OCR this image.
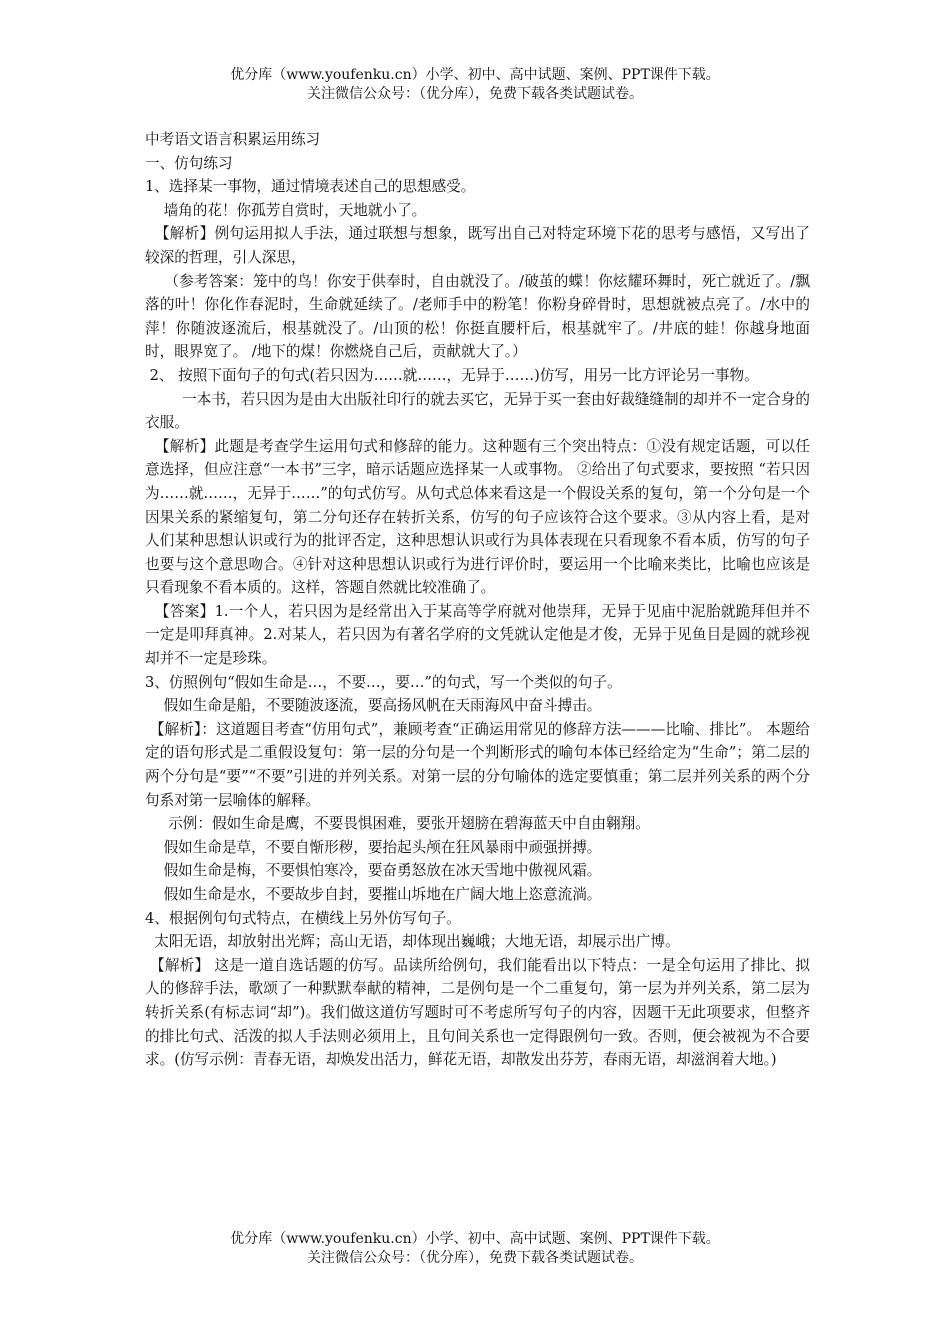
优分库（www.youfenku.cn）小学、初中、高中试题、案例、PPT课件下载。
关注微信公众号：（优分库），免费下载各类试题试卷。

中考语文语言积累运用练习

一、仿句练习

1、选择某一事物，通过情境表述自己的思想感受。

墙角的花！你孤芳自赏时，天地就小了。

【解析】例句运用拟人手法，通过联想与想象，既写出自己对特定环境下花的思考与感悟，又写出了较深的哲理，引人深思，

（参考答案：笼中的鸟！你安于供奉时，自由就没了。/破茧的蝶！你炫耀环舞时，死亡就近了。/飘落的叶！你化作春泥时，生命就延续了。/老师手中的粉笔！你粉身碎骨时，思想就被点亮了。/水中的萍！你随波逐流后，根基就没了。/山顶的松！你挺直腰杆后，根基就牢了。/井底的蛙！你越身地面时，眼界宽了。 /地下的煤！你燃烧自己后，贡献就大了。）

2、 按照下面句子的句式(若只因为……就……，无异于……)仿写，用另一比方评论另一事物。

一本书，若只因为是由大出版社印行的就去买它，无异于买一套由好裁缝缝制的却并不一定合身的衣服。

【解析】此题是考查学生运用句式和修辞的能力。这种题有三个突出特点：①没有规定话题，可以任意选择，但应注意“一本书”三字，暗示话题应选择某一人或事物。 ②给出了句式要求，要按照 “若只因为……就……，无异于……”的句式仿写。从句式总体来看这是一个假设关系的复句，第一个分句是一个因果关系的紧缩复句，第二分句还存在转折关系，仿写的句子应该符合这个要求。③从内容上看，是对人们某种思想认识或行为的批评否定，这种思想认识或行为具体表现在只看现象不看本质，仿写的句子也要与这个意思吻合。④针对这种思想认识或行为进行评价时，要运用一个比喻来类比，比喻也应该是只看现象不看本质的。这样，答题自然就比较准确了。

【答案】1.一个人，若只因为是经常出入于某高等学府就对他崇拜，无异于见庙中泥胎就跪拜但并不一定是叩拜真神。2.对某人，若只因为有著名学府的文凭就认定他是才俊，无异于见鱼目是圆的就珍视却并不一定是珍珠。

3、仿照例句“假如生命是…，不要…，要…”的句式，写一个类似的句子。

假如生命是船，不要随波逐流，要高扬风帆在天雨海风中奋斗搏击。

【解析】：这道题目考查“仿用句式”，兼顾考查“正确运用常见的修辞方法———比喻、排比”。 本题给定的语句形式是二重假设复句：第一层的分句是一个判断形式的喻句本体已经给定为“生命”；第二层的两个分句是“要”“不要”引进的并列关系。对第一层的分句喻体的选定要慎重；第二层并列关系的两个分句系对第一层喻体的解释。

示例：假如生命是鹰，不要畏惧困难，要张开翅膀在碧海蓝天中自由翱翔。

假如生命是草，不要自惭形秽，要抬起头颅在狂风暴雨中顽强拼搏。

假如生命是梅，不要惧怕寒冷，要奋勇怒放在冰天雪地中傲视风霜。

假如生命是水，不要故步自封，要摧山坼地在广阔大地上恣意流淌。

4、根据例句句式特点，在横线上另外仿写句子。

太阳无语，却放射出光辉；高山无语，却体现出巍峨；大地无语，却展示出广博。

【解析】 这是一道自选话题的仿写。品读所给例句，我们能看出以下特点：一是全句运用了排比、拟人的修辞手法，歌颂了一种默默奉献的精神，二是例句是一个二重复句，第一层为并列关系，第二层为转折关系(有标志词“却”)。我们做这道仿写题时可不考虑所写句子的内容，因题干无此项要求，但整齐的排比句式、活泼的拟人手法则必须用上，且句间关系也一定得跟例句一致。否则，便会被视为不合要求。(仿写示例：青春无语，却焕发出活力，鲜花无语，却散发出芬芳，春雨无语，却滋润着大地。)

优分库（www.youfenku.cn）小学、初中、高中试题、案例、PPT课件下载。
关注微信公众号：（优分库），免费下载各类试题试卷。
